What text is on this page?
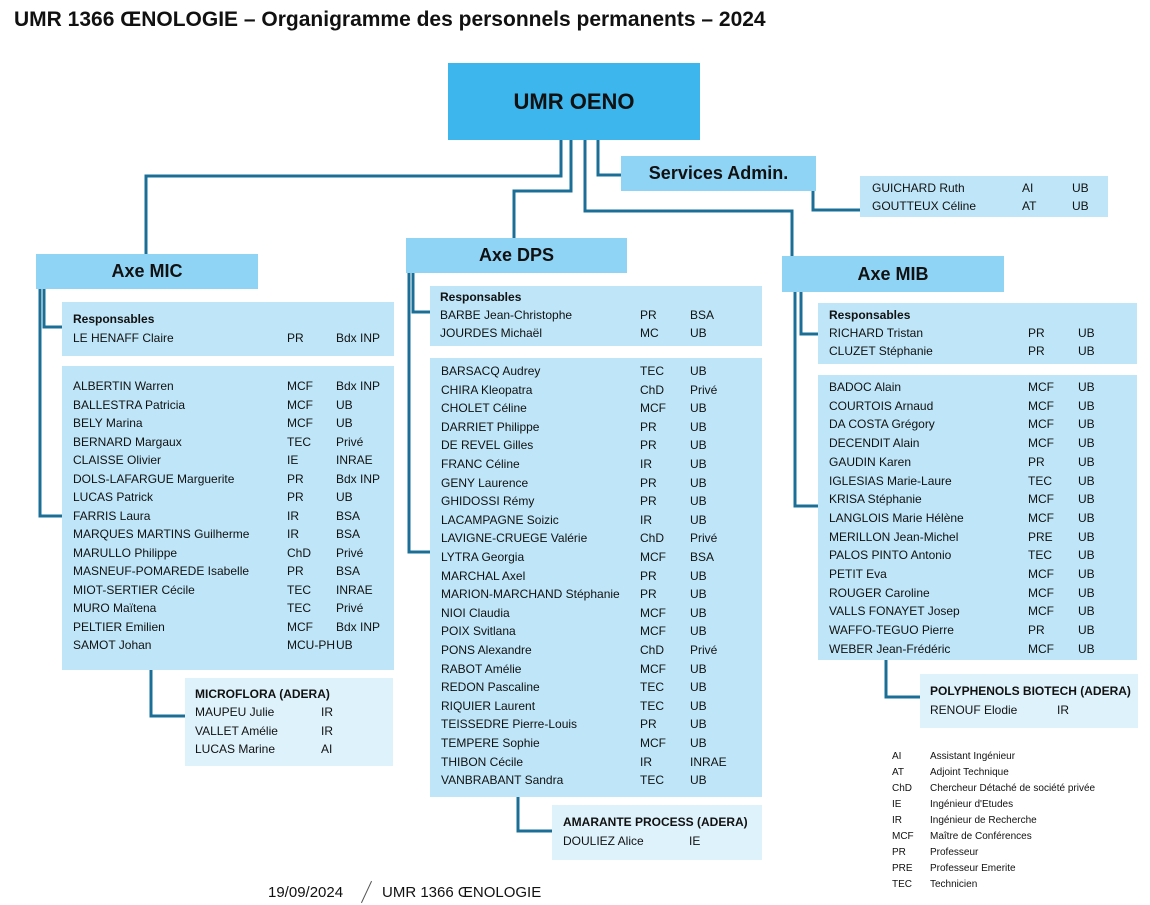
UMR 1366 ŒNOLOGIE – Organigramme des personnels permanents – 2024
UMR OENO
Services Admin.
GUICHARD Ruth	AI	UB
GOUTTEUX Céline	AT	UB
Axe MIC
Responsables
LE HENAFF Claire	PR	Bdx INP
ALBERTIN Warren	MCF Bdx INP
BALLESTRA Patricia	MCF UB
BELY Marina	MCF UB
BERNARD Margaux	TEC Privé
CLAISSE Olivier	IE	INRAE
DOLS-LAFARGUE Marguerite	PR	Bdx INP
LUCAS Patrick	PR	UB
FARRIS Laura	IR	BSA
MARQUES MARTINS Guilherme	IR	BSA
MARULLO Philippe	ChD Privé
MASNEUF-POMAREDE Isabelle	PR	BSA
MIOT-SERTIER Cécile	TEC INRAE
MURO Maïtena	TEC Privé
PELTIER Emilien	MCF Bdx INP
SAMOT Johan	MCU-PH UB
MICROFLORA (ADERA)
MAUPEU Julie	IR
VALLET Amélie	IR
LUCAS Marine	AI
Axe DPS
Responsables
BARBE Jean-Christophe	PR	BSA
JOURDES Michaël	MC	UB
BARSACQ Audrey	TEC UB
CHIRA Kleopatra	ChD Privé
CHOLET Céline	MCF UB
DARRIET Philippe	PR	UB
DE REVEL Gilles	PR	UB
FRANC Céline	IR	UB
GENY Laurence	PR	UB
GHIDOSSI Rémy	PR	UB
LACAMPAGNE Soizic	IR	UB
LAVIGNE-CRUEGE Valérie	ChD Privé
LYTRA Georgia	MCF BSA
MARCHAL Axel	PR	UB
MARION-MARCHAND Stéphanie PR	UB
NIOI Claudia	MCF UB
POIX Svitlana	MCF UB
PONS Alexandre	ChD Privé
RABOT Amélie	MCF UB
REDON Pascaline	TEC UB
RIQUIER Laurent	TEC UB
TEISSEDRE Pierre-Louis	PR	UB
TEMPERE Sophie	MCF UB
THIBON Cécile	IR	INRAE
VANBRABANT Sandra	TEC UB
AMARANTE PROCESS (ADERA)
DOULIEZ Alice	IE
Axe MIB
Responsables
RICHARD Tristan	PR	UB
CLUZET Stéphanie	PR	UB
BADOC Alain	MCF UB
COURTOIS Arnaud	MCF UB
DA COSTA Grégory	MCF UB
DECENDIT Alain	MCF UB
GAUDIN Karen	PR	UB
IGLESIAS Marie-Laure	TEC UB
KRISA Stéphanie	MCF UB
LANGLOIS Marie Hélène	MCF UB
MERILLON Jean-Michel	PRE UB
PALOS PINTO Antonio	TEC UB
PETIT Eva	MCF UB
ROUGER Caroline	MCF UB
VALLS FONAYET Josep	MCF UB
WAFFO-TEGUO Pierre	PR	UB
WEBER Jean-Frédéric	MCF UB
POLYPHENOLS BIOTECH (ADERA)
RENOUF Elodie	IR
AI	Assistant Ingénieur
AT	Adjoint Technique
ChD Chercheur Détaché de société privée
IE	Ingénieur d'Etudes
IR	Ingénieur de Recherche
MCF Maître de Conférences
PR Professeur
PRE Professeur Emerite
TEC Technicien
19/09/2024	UMR 1366 ŒNOLOGIE
